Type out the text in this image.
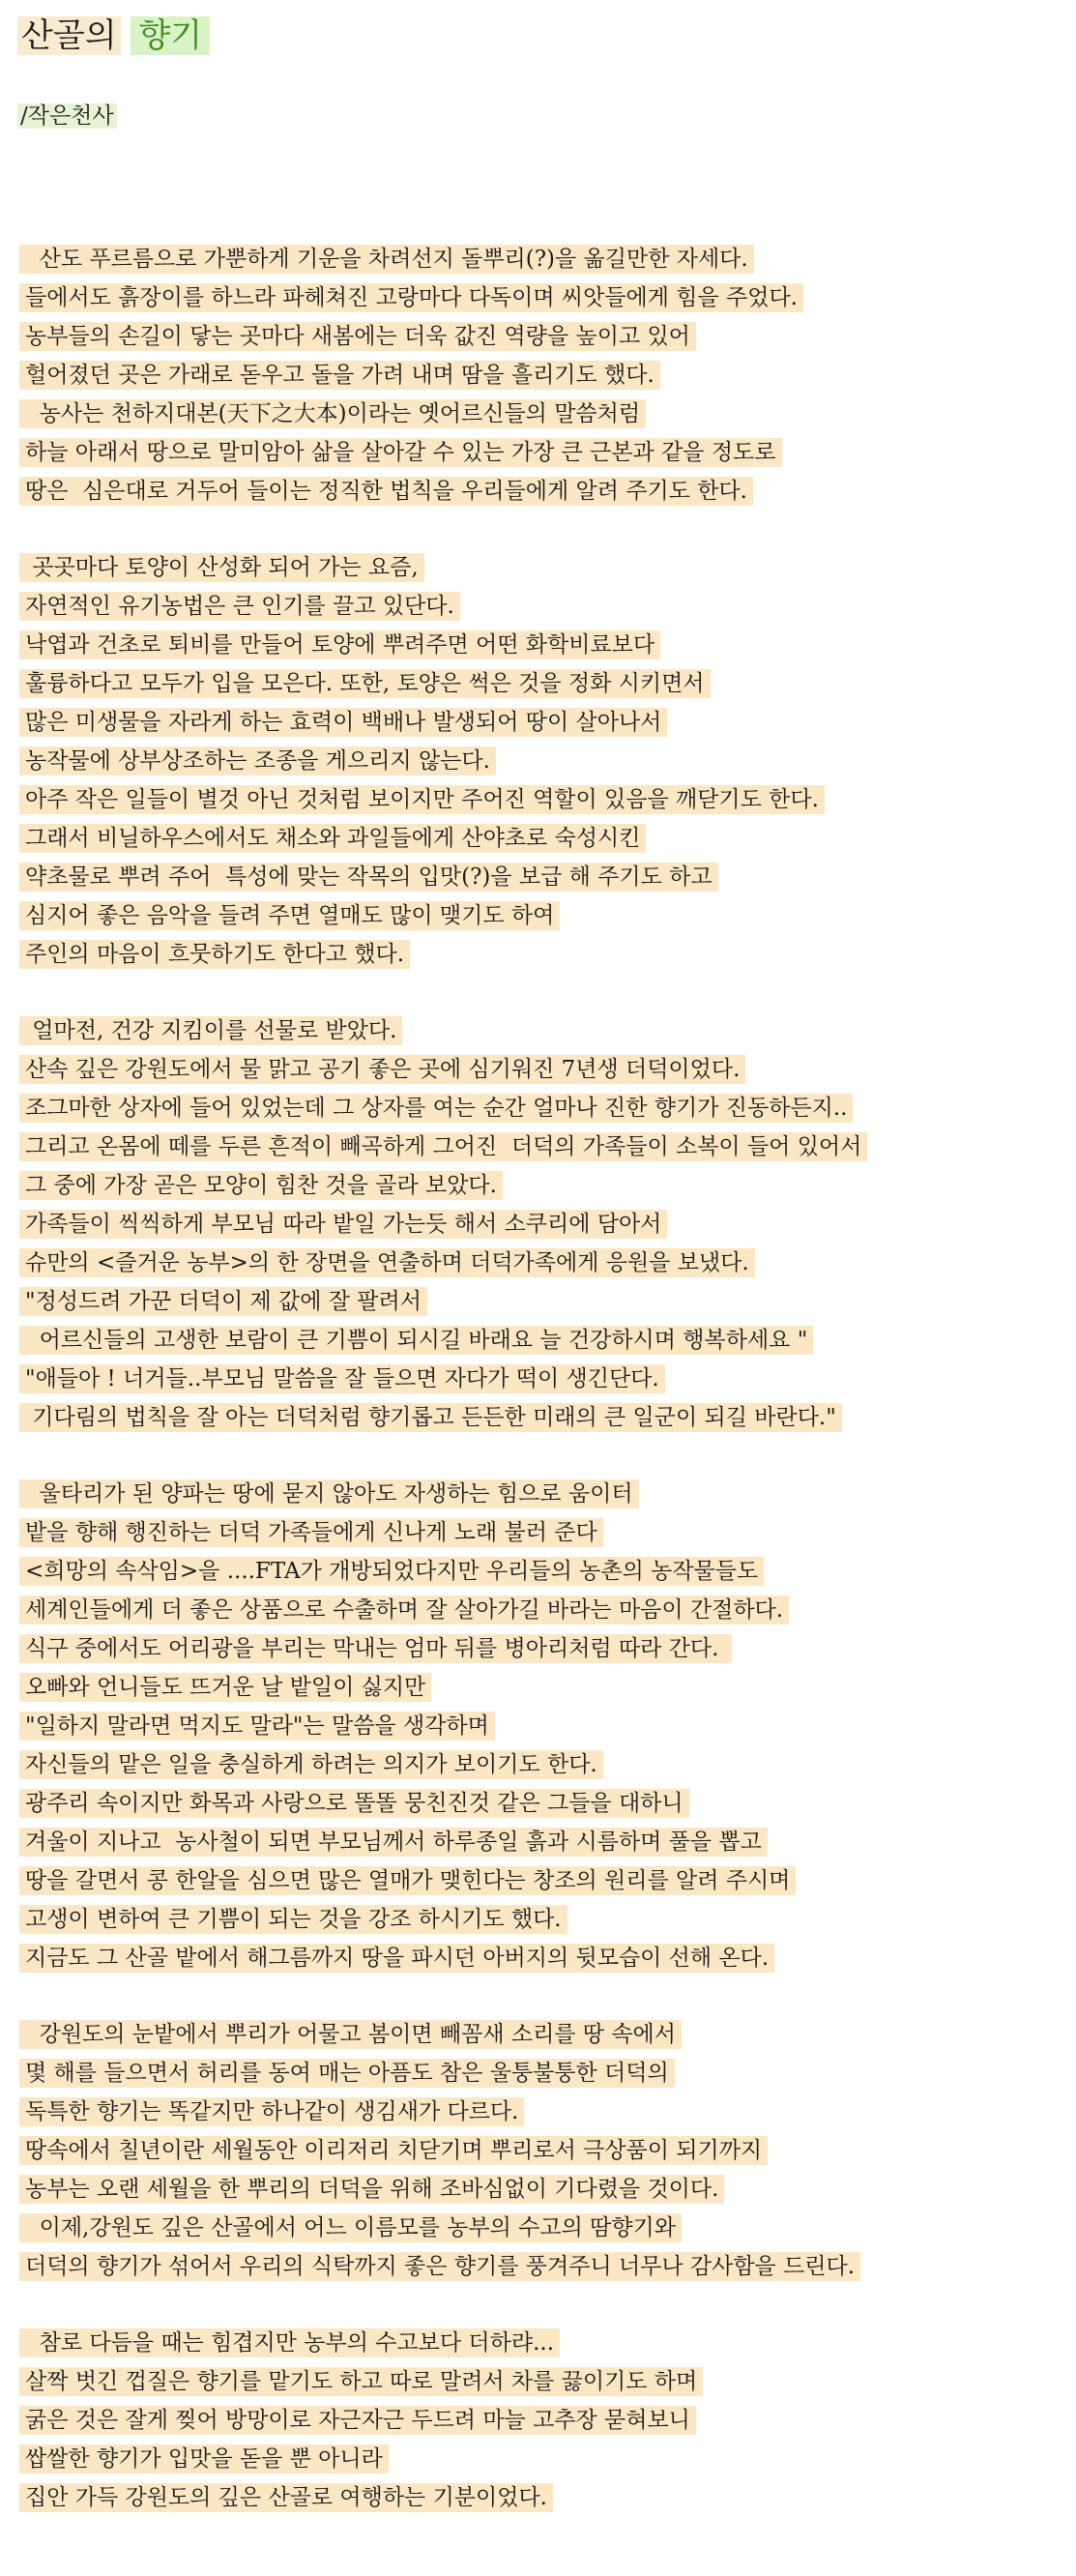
산골의 향기
/작은천사
산도 푸르름으로 가뿐하게 기운을 차려선지 돌뿌리(?)을 옮길만한 자세다.
들에서도 흙장이를 하느라 파헤쳐진 고랑마다 다독이며 씨앗들에게 힘을 주었다.
농부들의 손길이 닿는 곳마다 새봄에는 더욱 값진 역량을 높이고 있어
헐어졌던 곳은 가래로 돋우고 돌을 가려 내며 땀을 흘리기도 했다.
농사는 천하지대본(天下之大本)이라는 옛어르신들의 말씀처럼
하늘 아래서 땅으로 말미암아 삶을 살아갈 수 있는 가장 큰 근본과 같을 정도로
땅은  심은대로 거두어 들이는 정직한 법칙을 우리들에게 알려 주기도 한다.
곳곳마다 토양이 산성화 되어 가는 요즘,
자연적인 유기농법은 큰 인기를 끌고 있단다.
낙엽과 건초로 퇴비를 만들어 토양에 뿌려주면 어떤 화학비료보다
훌륭하다고 모두가 입을 모은다. 또한, 토양은 썩은 것을 정화 시키면서
많은 미생물을 자라게 하는 효력이 백배나 발생되어 땅이 살아나서
농작물에 상부상조하는 조종을 게으리지 않는다.
아주 작은 일들이 별것 아닌 것처럼 보이지만 주어진 역할이 있음을 깨닫기도 한다.
그래서 비닐하우스에서도 채소와 과일들에게 산야초로 숙성시킨
약초물로 뿌려 주어  특성에 맞는 작목의 입맛(?)을 보급 해 주기도 하고
심지어 좋은 음악을 들려 주면 열매도 많이 맺기도 하여
주인의 마음이 흐뭇하기도 한다고 했다.
얼마전, 건강 지킴이를 선물로 받았다.
산속 깊은 강원도에서 물 맑고 공기 좋은 곳에 심기워진 7년생 더덕이었다.
조그마한 상자에 들어 있었는데 그 상자를 여는 순간 얼마나 진한 향기가 진동하든지..
그리고 온몸에 떼를 두른 흔적이 빼곡하게 그어진  더덕의 가족들이 소복이 들어 있어서
그 중에 가장 곧은 모양이 힘찬 것을 골라 보았다.
가족들이 씩씩하게 부모님 따라 밭일 가는듯 해서 소쿠리에 담아서
슈만의 <즐거운 농부>의 한 장면을 연출하며 더덕가족에게 응원을 보냈다.
"정성드려 가꾼 더덕이 제 값에 잘 팔려서
어르신들의 고생한 보람이 큰 기쁨이 되시길 바래요 늘 건강하시며 행복하세요 "
"애들아 ! 너거들..부모님 말씀을 잘 들으면 자다가 떡이 생긴단다.
기다림의 법칙을 잘 아는 더덕처럼 향기롭고 든든한 미래의 큰 일군이 되길 바란다."
울타리가 된 양파는 땅에 묻지 않아도 자생하는 힘으로 움이터
밭을 향해 행진하는 더덕 가족들에게 신나게 노래 불러 준다
<희망의 속삭임>을 ....FTA가 개방되었다지만 우리들의 농촌의 농작물들도
세계인들에게 더 좋은 상품으로 수출하며 잘 살아가길 바라는 마음이 간절하다.
식구 중에서도 어리광을 부리는 막내는 엄마 뒤를 병아리처럼 따라 간다.
오빠와 언니들도 뜨거운 날 밭일이 싫지만
"일하지 말라면 먹지도 말라"는 말씀을 생각하며
자신들의 맡은 일을 충실하게 하려는 의지가 보이기도 한다.
광주리 속이지만 화목과 사랑으로 똘똘 뭉친진것 같은 그들을 대하니
겨울이 지나고  농사철이 되면 부모님께서 하루종일 흙과 시름하며 풀을 뽑고
땅을 갈면서 콩 한알을 심으면 많은 열매가 맺힌다는 창조의 원리를 알려 주시며
고생이 변하여 큰 기쁨이 되는 것을 강조 하시기도 했다.
지금도 그 산골 밭에서 해그름까지 땅을 파시던 아버지의 뒷모습이 선해 온다.
강원도의 눈밭에서 뿌리가 어물고 봄이면 빼꼼새 소리를 땅 속에서
몇 해를 들으면서 허리를 동여 매는 아픔도 참은 울퉁불퉁한 더덕의
독특한 향기는 똑같지만 하나같이 생김새가 다르다.
땅속에서 칠년이란 세월동안 이리저리 치닫기며 뿌리로서 극상품이 되기까지
농부는 오랜 세월을 한 뿌리의 더덕을 위해 조바심없이 기다렸을 것이다.
이제,강원도 깊은 산골에서 어느 이름모를 농부의 수고의 땀향기와
더덕의 향기가 섞어서 우리의 식탁까지 좋은 향기를 풍겨주니 너무나 감사함을 드린다.
참로 다듬을 때는 힘겹지만 농부의 수고보다 더하랴...
살짝 벗긴 껍질은 향기를 맡기도 하고 따로 말려서 차를 끓이기도 하며
굵은 것은 잘게 찢어 방망이로 자근자근 두드려 마늘 고추장 묻혀보니
쌉쌀한 향기가 입맛을 돋을 뿐 아니라
집안 가득 강원도의 깊은 산골로 여행하는 기분이었다.
